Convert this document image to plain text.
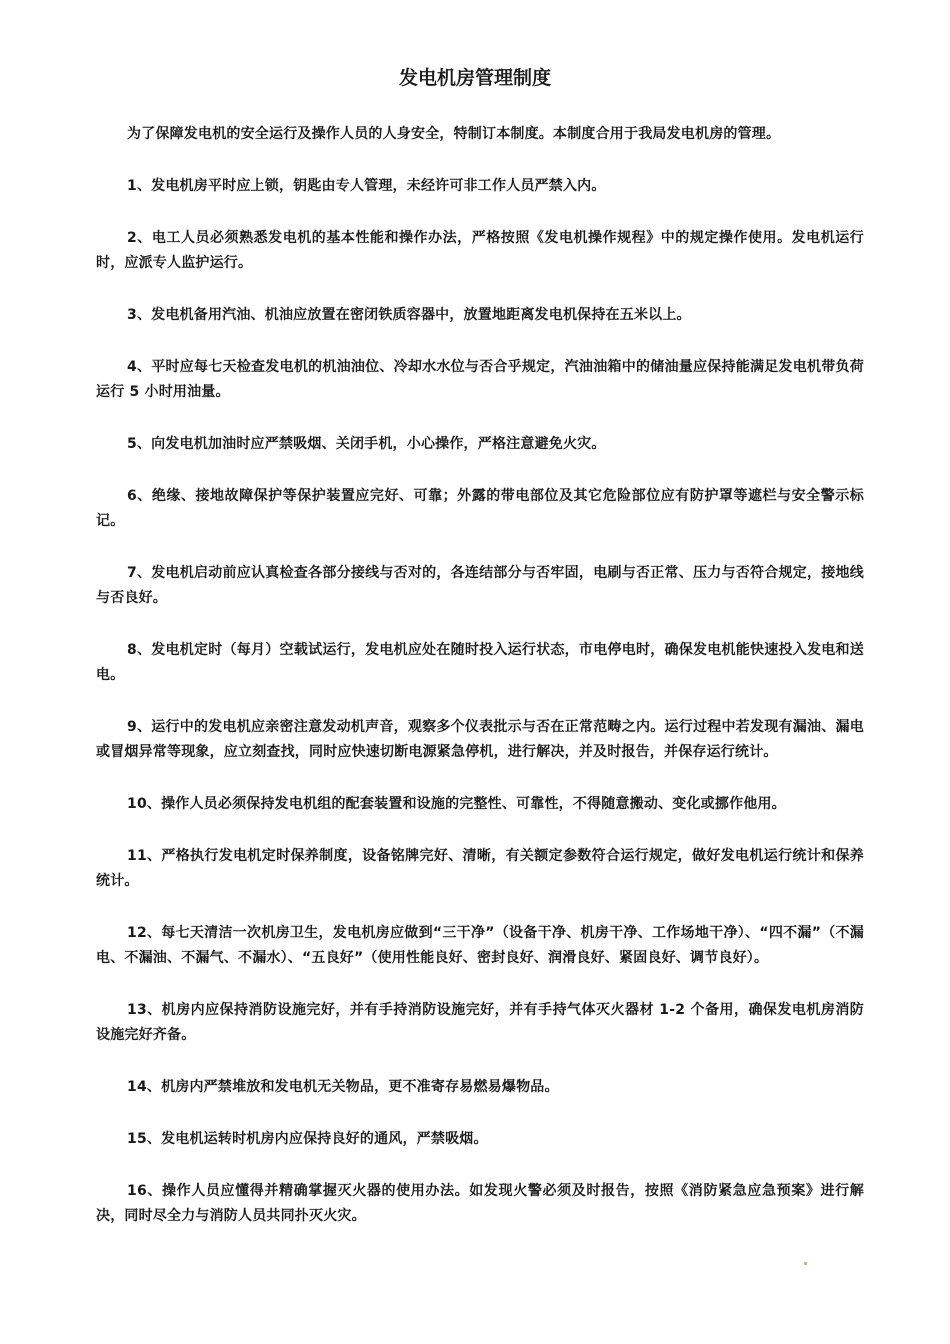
发电机房管理制度

为了保障发电机的安全运行及操作人员的人身安全，特制订本制度。本制度合用于我局发电机房的管理。

1、发电机房平时应上锁，钥匙由专人管理，未经许可非工作人员严禁入内。

2、电工人员必须熟悉发电机的基本性能和操作办法，严格按照《发电机操作规程》中的规定操作使用。发电机运行时，应派专人监护运行。

3、发电机备用汽油、机油应放置在密闭铁质容器中，放置地距离发电机保持在五米以上。

4、平时应每七天检查发电机的机油油位、冷却水水位与否合乎规定，汽油油箱中的储油量应保持能满足发电机带负荷运行 5 小时用油量。

5、向发电机加油时应严禁吸烟、关闭手机，小心操作，严格注意避免火灾。

6、绝缘、接地故障保护等保护装置应完好、可靠；外露的带电部位及其它危险部位应有防护罩等遮栏与安全警示标记。

7、发电机启动前应认真检查各部分接线与否对的，各连结部分与否牢固，电刷与否正常、压力与否符合规定，接地线与否良好。

8、发电机定时（每月）空载试运行，发电机应处在随时投入运行状态，市电停电时，确保发电机能快速投入发电和送电。

9、运行中的发电机应亲密注意发动机声音，观察多个仪表批示与否在正常范畴之内。运行过程中若发现有漏油、漏电或冒烟异常等现象，应立刻查找，同时应快速切断电源紧急停机，进行解决，并及时报告，并保存运行统计。

10、操作人员必须保持发电机组的配套装置和设施的完整性、可靠性，不得随意搬动、变化或挪作他用。

11、严格执行发电机定时保养制度，设备铭牌完好、清晰，有关额定参数符合运行规定，做好发电机运行统计和保养统计。

12、每七天清洁一次机房卫生，发电机房应做到“三干净”（设备干净、机房干净、工作场地干净）、“四不漏”（不漏电、不漏油、不漏气、不漏水）、“五良好”（使用性能良好、密封良好、润滑良好、紧固良好、调节良好）。

13、机房内应保持消防设施完好，并有手持消防设施完好，并有手持气体灭火器材 1-2 个备用，确保发电机房消防设施完好齐备。

14、机房内严禁堆放和发电机无关物品，更不准寄存易燃易爆物品。

15、发电机运转时机房内应保持良好的通风，严禁吸烟。

16、操作人员应懂得并精确掌握灭火器的使用办法。如发现火警必须及时报告，按照《消防紧急应急预案》进行解决，同时尽全力与消防人员共同扑灭火灾。
